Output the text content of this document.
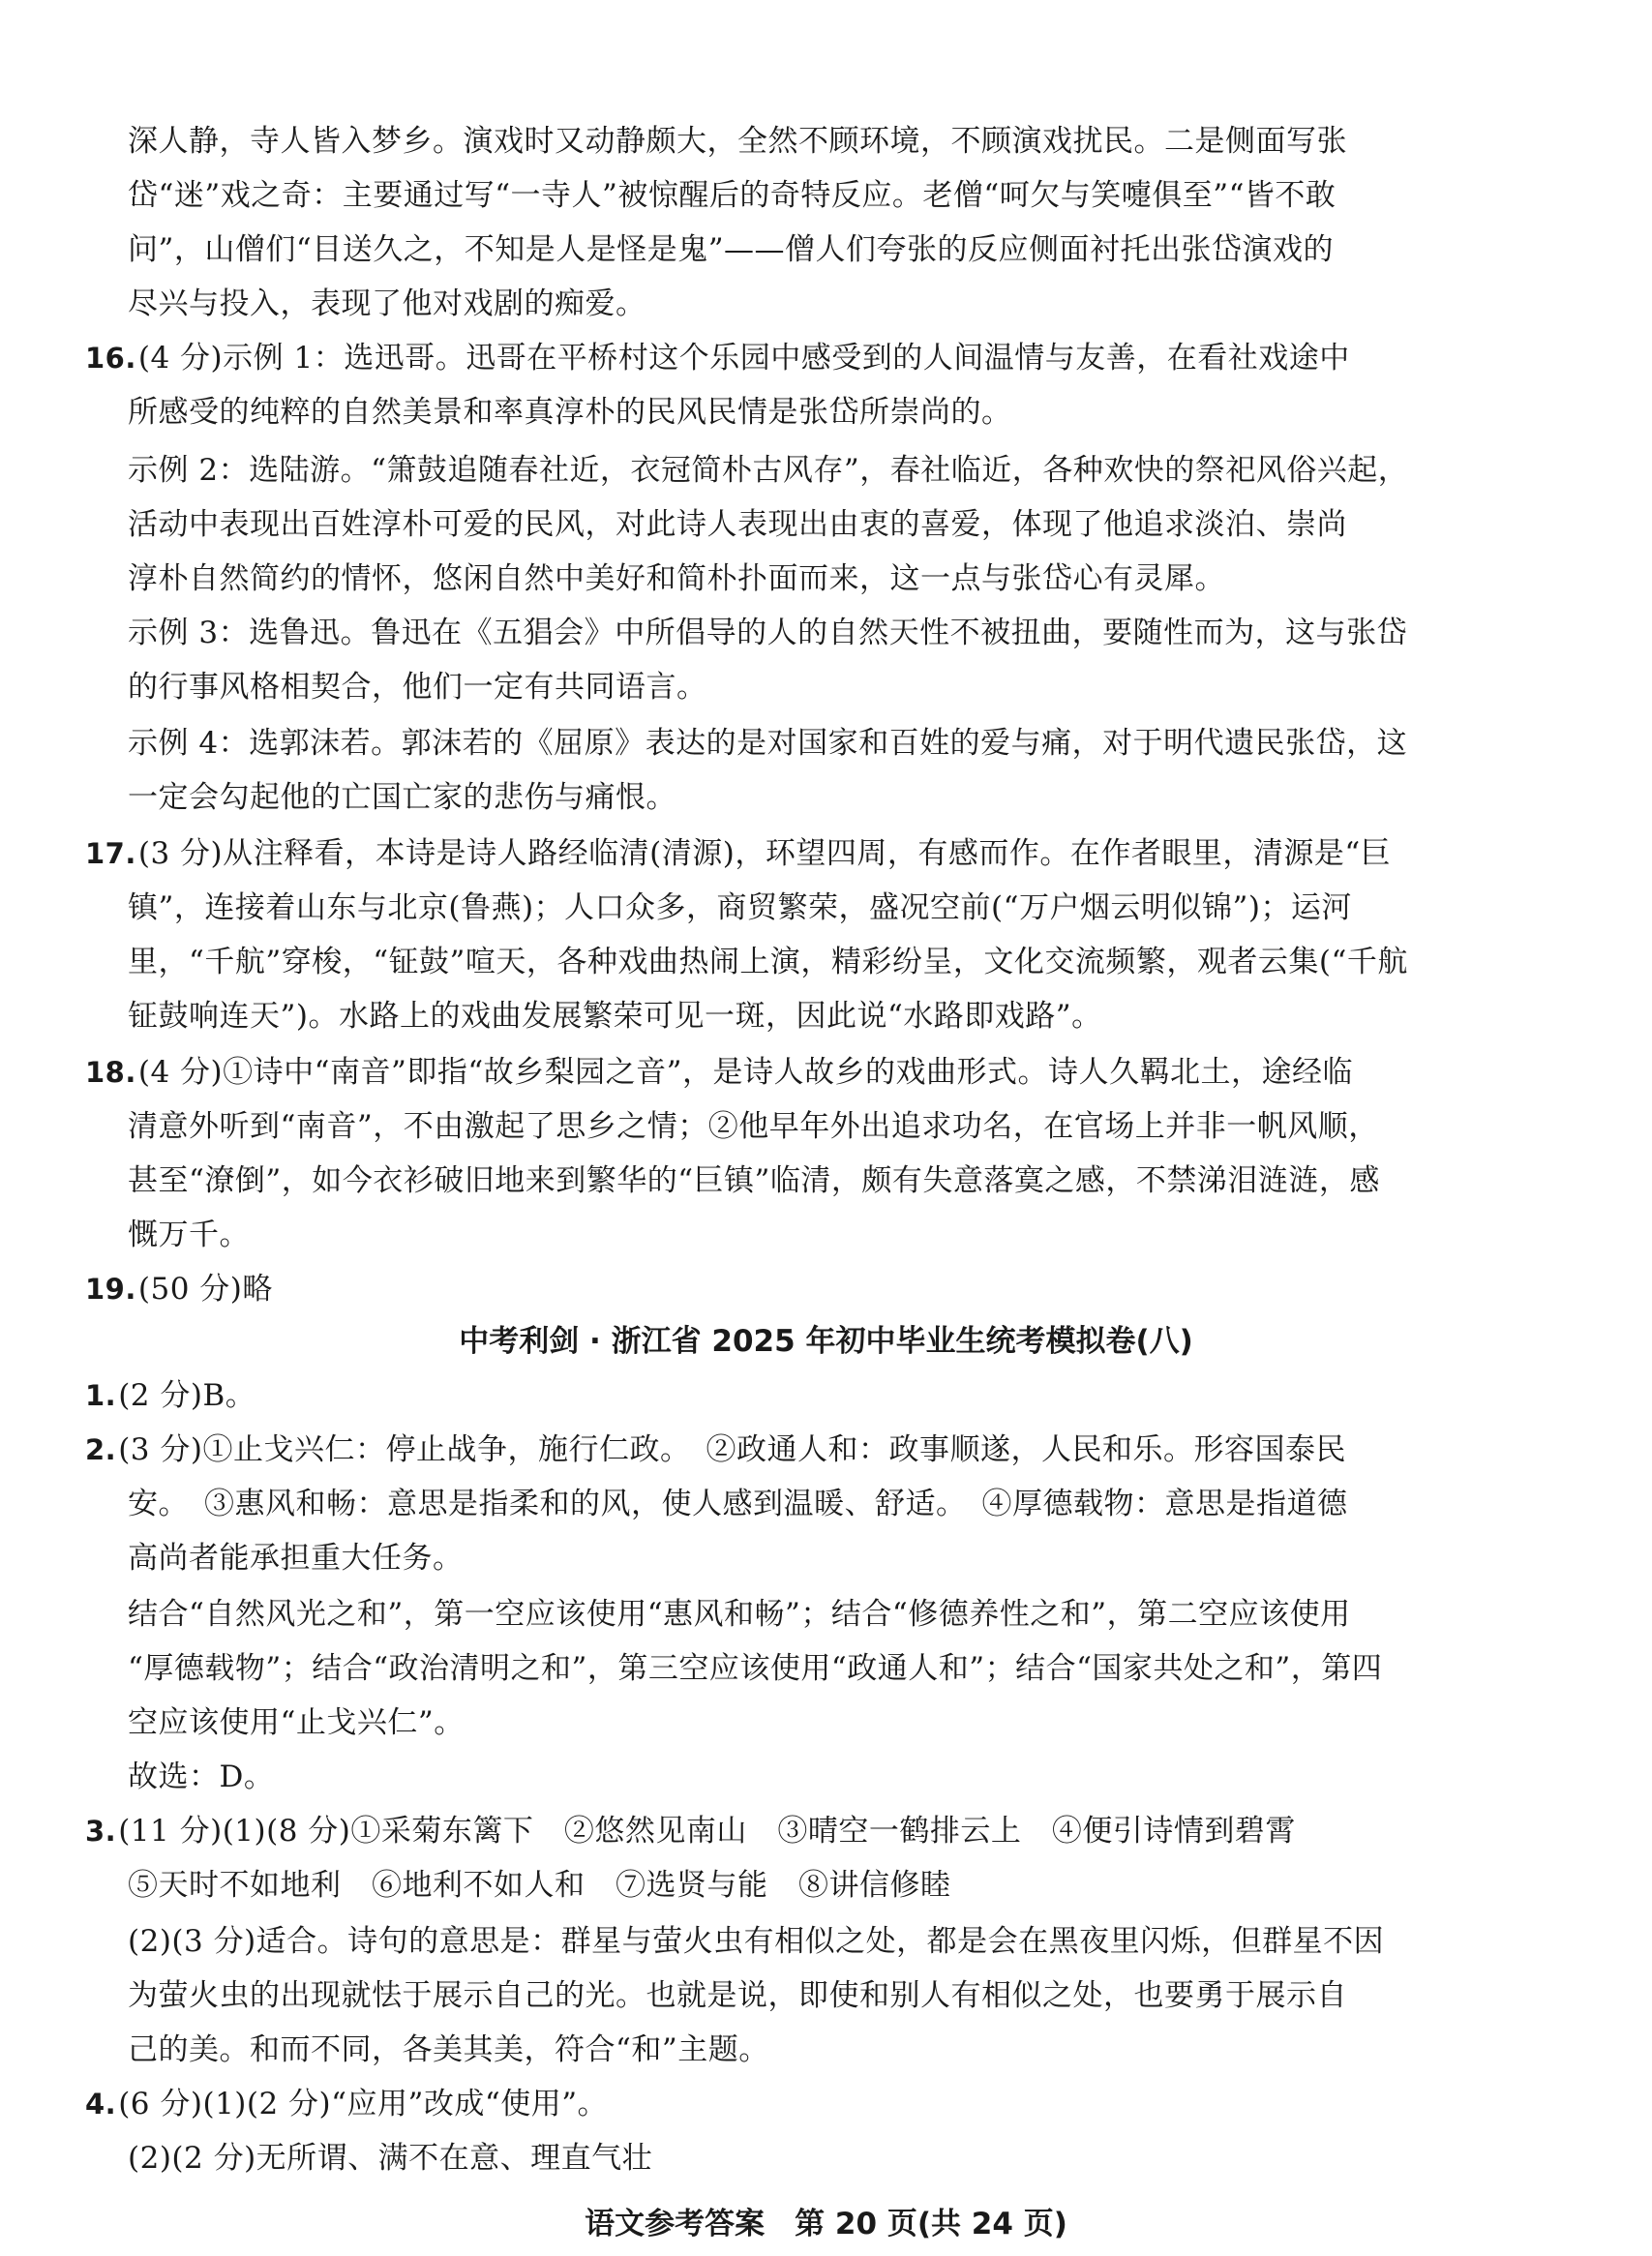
深人静，寺人皆入梦乡。演戏时又动静颇大，全然不顾环境，不顾演戏扰民。二是侧面写张
岱“迷”戏之奇：主要通过写“一寺人”被惊醒后的奇特反应。老僧“呵欠与笑嚏俱至”“皆不敢
问”，山僧们“目送久之，不知是人是怪是鬼”——僧人们夸张的反应侧面衬托出张岱演戏的
尽兴与投入，表现了他对戏剧的痴爱。
16.(4 分)示例 1：选迅哥。迅哥在平桥村这个乐园中感受到的人间温情与友善，在看社戏途中
所感受的纯粹的自然美景和率真淳朴的民风民情是张岱所崇尚的。
示例 2：选陆游。“箫鼓追随春社近，衣冠简朴古风存”，春社临近，各种欢快的祭祀风俗兴起，
活动中表现出百姓淳朴可爱的民风，对此诗人表现出由衷的喜爱，体现了他追求淡泊、崇尚
淳朴自然简约的情怀，悠闲自然中美好和简朴扑面而来，这一点与张岱心有灵犀。
示例 3：选鲁迅。鲁迅在《五猖会》中所倡导的人的自然天性不被扭曲，要随性而为，这与张岱
的行事风格相契合，他们一定有共同语言。
示例 4：选郭沫若。郭沫若的《屈原》表达的是对国家和百姓的爱与痛，对于明代遗民张岱，这
一定会勾起他的亡国亡家的悲伤与痛恨。
17.(3 分)从注释看，本诗是诗人路经临清(清源)，环望四周，有感而作。在作者眼里，清源是“巨
镇”，连接着山东与北京(鲁燕)；人口众多，商贸繁荣，盛况空前(“万户烟云明似锦”)；运河
里，“千航”穿梭，“钲鼓”喧天，各种戏曲热闹上演，精彩纷呈，文化交流频繁，观者云集(“千航
钲鼓响连天”)。水路上的戏曲发展繁荣可见一斑，因此说“水路即戏路”。
18.(4 分)①诗中“南音”即指“故乡梨园之音”，是诗人故乡的戏曲形式。诗人久羁北土，途经临
清意外听到“南音”，不由激起了思乡之情；②他早年外出追求功名，在官场上并非一帆风顺，
甚至“潦倒”，如今衣衫破旧地来到繁华的“巨镇”临清，颇有失意落寞之感，不禁涕泪涟涟，感
慨万千。
19.(50 分)略
中考利剑 · 浙江省 2025 年初中毕业生统考模拟卷(八)
1.(2 分)B。
2.(3 分)①止戈兴仁：停止战争，施行仁政。　②政通人和：政事顺遂，人民和乐。形容国泰民
安。　③惠风和畅：意思是指柔和的风，使人感到温暖、舒适。　④厚德载物：意思是指道德
高尚者能承担重大任务。
结合“自然风光之和”，第一空应该使用“惠风和畅”；结合“修德养性之和”，第二空应该使用
“厚德载物”；结合“政治清明之和”，第三空应该使用“政通人和”；结合“国家共处之和”，第四
空应该使用“止戈兴仁”。
故选：D。
3.(11 分)(1)(8 分)①采菊东篱下　②悠然见南山　③晴空一鹤排云上　④便引诗情到碧霄
⑤天时不如地利　⑥地利不如人和　⑦选贤与能　⑧讲信修睦
(2)(3 分)适合。诗句的意思是：群星与萤火虫有相似之处，都是会在黑夜里闪烁，但群星不因
为萤火虫的出现就怯于展示自己的光。也就是说，即使和别人有相似之处，也要勇于展示自
己的美。和而不同，各美其美，符合“和”主题。
4.(6 分)(1)(2 分)“应用”改成“使用”。
(2)(2 分)无所谓、满不在意、理直气壮
语文参考答案　第 20 页(共 24 页)
